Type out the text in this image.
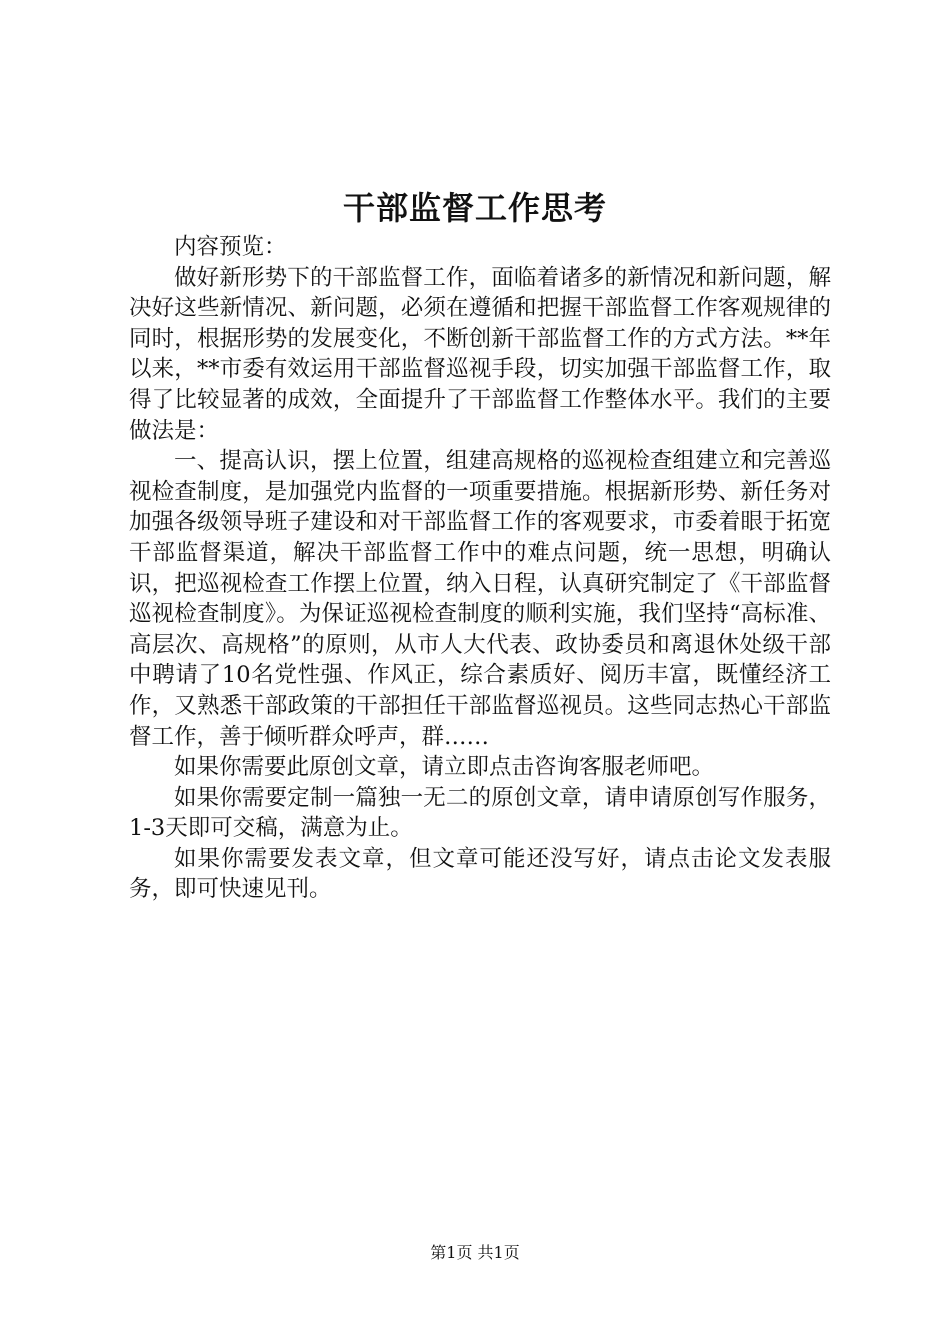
干部监督工作思考

内容预览：

做好新形势下的干部监督工作，面临着诸多的新情况和新问题，解决好这些新情况、新问题，必须在遵循和把握干部监督工作客观规律的同时，根据形势的发展变化，不断创新干部监督工作的方式方法。**年以来，**市委有效运用干部监督巡视手段，切实加强干部监督工作，取得了比较显著的成效，全面提升了干部监督工作整体水平。我们的主要做法是：

一、提高认识，摆上位置，组建高规格的巡视检查组建立和完善巡视检查制度，是加强党内监督的一项重要措施。根据新形势、新任务对加强各级领导班子建设和对干部监督工作的客观要求，市委着眼于拓宽干部监督渠道，解决干部监督工作中的难点问题，统一思想，明确认识，把巡视检查工作摆上位置，纳入日程，认真研究制定了《干部监督巡视检查制度》。为保证巡视检查制度的顺利实施，我们坚持“高标准、高层次、高规格”的原则，从市人大代表、政协委员和离退休处级干部中聘请了10名党性强、作风正，综合素质好、阅历丰富，既懂经济工作，又熟悉干部政策的干部担任干部监督巡视员。这些同志热心干部监督工作，善于倾听群众呼声，群……

如果你需要此原创文章，请立即点击咨询客服老师吧。

如果你需要定制一篇独一无二的原创文章，请申请原创写作服务，1-3天即可交稿，满意为止。

如果你需要发表文章，但文章可能还没写好，请点击论文发表服务，即可快速见刊。

第1页 共1页
